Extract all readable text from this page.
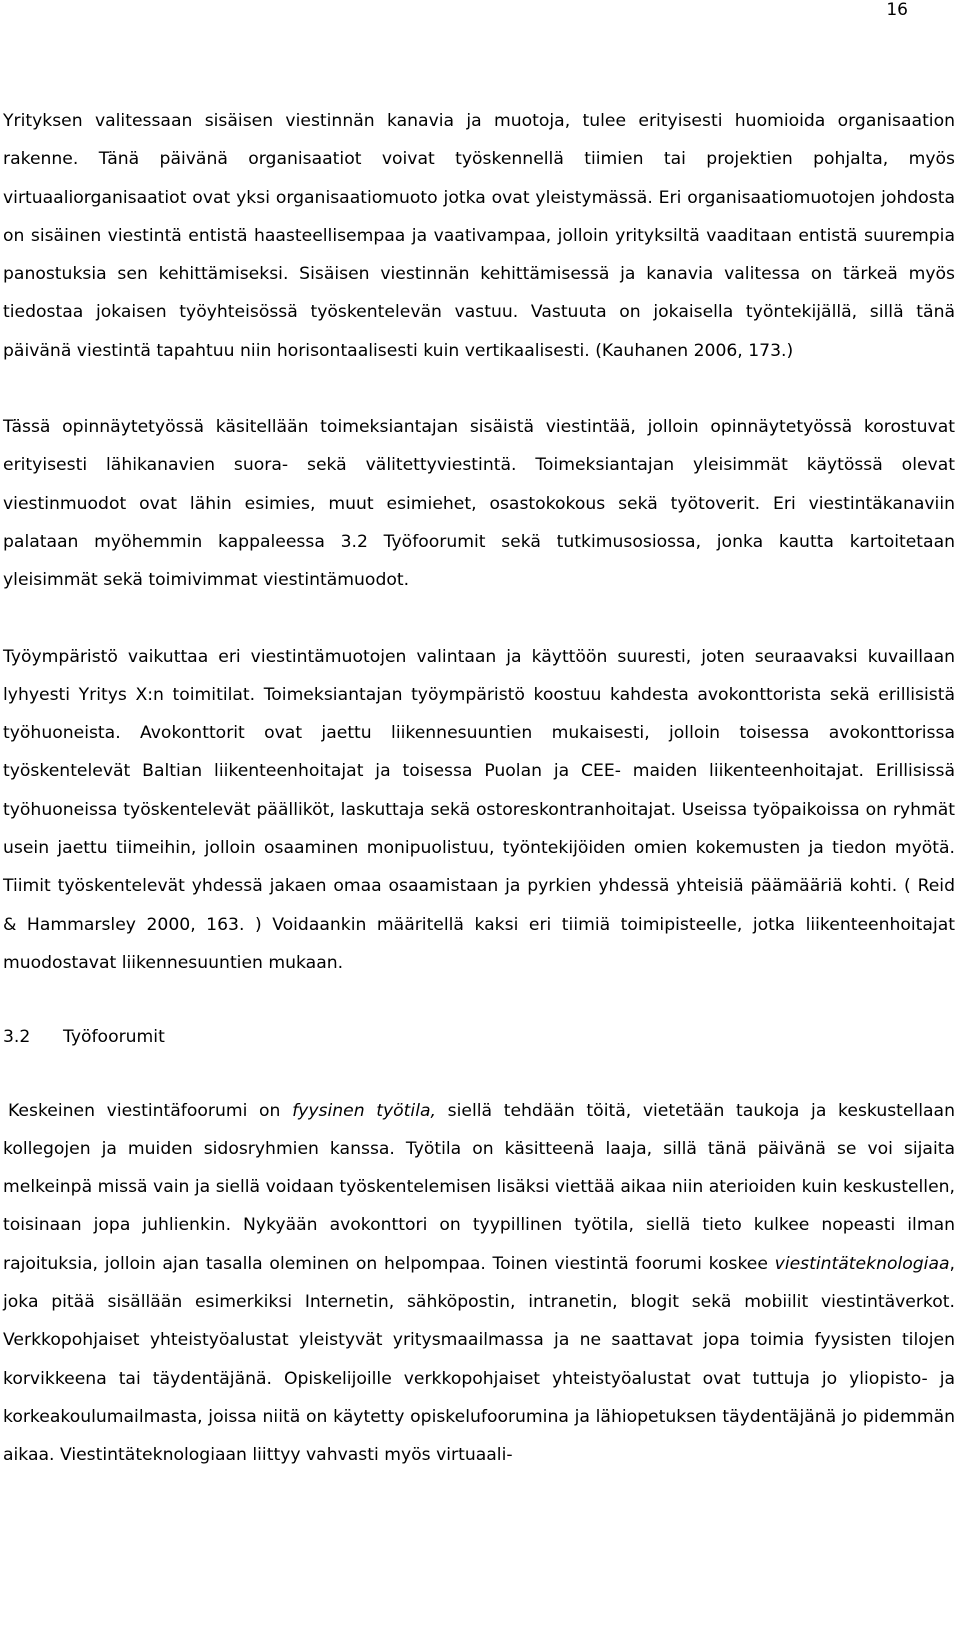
16

Yrityksen valitessaan sisäisen viestinnän kanavia ja muotoja, tulee erityisesti huomioida organisaation rakenne. Tänä päivänä organisaatiot voivat työskennellä tiimien tai projektien pohjalta, myös virtuaaliorganisaatiot ovat yksi organisaatiomuoto jotka ovat yleistymässä. Eri organisaatiomuotojen johdosta on sisäinen viestintä entistä haasteellisempaa ja vaativampaa, jolloin yrityksiltä vaaditaan entistä suurempia panostuksia sen kehittämiseksi. Sisäisen viestinnän kehittämisessä ja kanavia valitessa on tärkeä myös tiedostaa jokaisen työyhteisössä työskentelevän vastuu. Vastuuta on jokaisella työntekijällä, sillä tänä päivänä viestintä tapahtuu niin horisontaalisesti kuin vertikaalisesti. (Kauhanen 2006, 173.)

Tässä opinnäytetyössä käsitellään toimeksiantajan sisäistä viestintää, jolloin opinnäytetyössä korostuvat erityisesti lähikanavien suora- sekä välitettyviestintä. Toimeksiantajan yleisimmät käytössä olevat viestinmuodot ovat lähin esimies, muut esimiehet, osastokokous sekä työtoverit. Eri viestintäkanaviin palataan myöhemmin kappaleessa 3.2 Työfoorumit sekä tutkimusosiossa, jonka kautta kartoitetaan yleisimmät sekä toimivimmat viestintämuodot.

Työympäristö vaikuttaa eri viestintämuotojen valintaan ja käyttöön suuresti, joten seuraavaksi kuvaillaan lyhyesti Yritys X:n toimitilat. Toimeksiantajan työympäristö koostuu kahdesta avokonttorista sekä erillisistä työhuoneista. Avokonttorit ovat jaettu liikennesuuntien mukaisesti, jolloin toisessa avokonttorissa työskentelevät Baltian liikenteenhoitajat ja toisessa Puolan ja CEE- maiden liikenteenhoitajat. Erillisissä työhuoneissa työskentelevät päälliköt, laskuttaja sekä ostoreskontranhoitajat. Useissa työpaikoissa on ryhmät usein jaettu tiimeihin, jolloin osaaminen monipuolistuu, työntekijöiden omien kokemusten ja tiedon myötä. Tiimit työskentelevät yhdessä jakaen omaa osaamistaan ja pyrkien yhdessä yhteisiä päämääriä kohti. ( Reid & Hammarsley 2000, 163. ) Voidaankin määritellä kaksi eri tiimiä toimipisteelle, jotka liikenteenhoitajat muodostavat liikennesuuntien mukaan.

3.2	Työfoorumit

Keskeinen viestintäfoorumi on fyysinen työtila, siellä tehdään töitä, vietetään taukoja ja keskustellaan kollegojen ja muiden sidosryhmien kanssa. Työtila on käsitteenä laaja, sillä tänä päivänä se voi sijaita melkeinpä missä vain ja siellä voidaan työskentelemisen lisäksi viettää aikaa niin aterioiden kuin keskustellen, toisinaan jopa juhlienkin. Nykyään avokonttori on tyypillinen työtila, siellä tieto kulkee nopeasti ilman rajoituksia, jolloin ajan tasalla oleminen on helpompaa. Toinen viestintä foorumi koskee viestintäteknologiaa, joka pitää sisällään esimerkiksi Internetin, sähköpostin, intranetin, blogit sekä mobiilit viestintäverkot. Verkkopohjaiset yhteistyöalustat yleistyvät yritysmaailmassa ja ne saattavat jopa toimia fyysisten tilojen korvikkeena tai täydentäjänä. Opiskelijoille verkkopohjaiset yhteistyöalustat ovat tuttuja jo yliopisto- ja korkeakoulumailmasta, joissa niitä on käytetty opiskelufoorumina ja lähiopetuksen täydentäjänä jo pidemmän aikaa. Viestintäteknologiaan liittyy vahvasti myös virtuaali-
